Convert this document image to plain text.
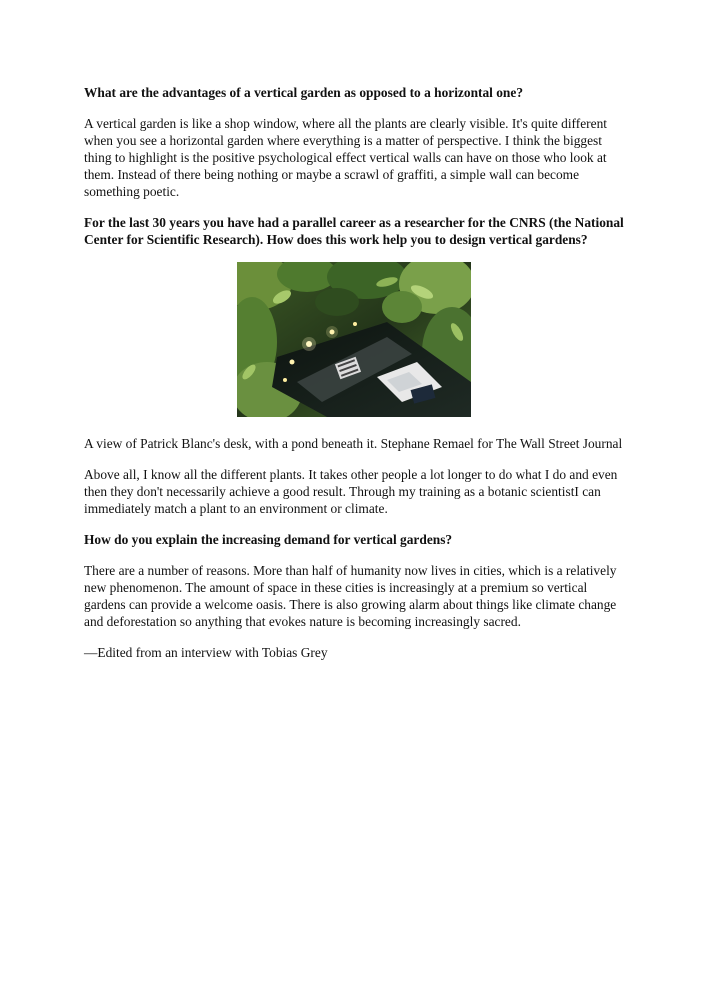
What are the advantages of a vertical garden as opposed to a horizontal one?

A vertical garden is like a shop window, where all the plants are clearly visible. It's quite different when you see a horizontal garden where everything is a matter of perspective. I think the biggest thing to highlight is the positive psychological effect vertical walls can have on those who look at them. Instead of there being nothing or maybe a scrawl of graffiti, a simple wall can become something poetic.

For the last 30 years you have had a parallel career as a researcher for the CNRS (the National Center for Scientific Research). How does this work help you to design vertical gardens?

A view of Patrick Blanc's desk, with a pond beneath it. Stephane Remael for The Wall Street Journal

Above all, I know all the different plants. It takes other people a lot longer to do what I do and even then they don't necessarily achieve a good result. Through my training as a botanic scientistI can immediately match a plant to an environment or climate.

How do you explain the increasing demand for vertical gardens?

There are a number of reasons. More than half of humanity now lives in cities, which is a relatively new phenomenon. The amount of space in these cities is increasingly at a premium so vertical gardens can provide a welcome oasis. There is also growing alarm about things like climate change and deforestation so anything that evokes nature is becoming increasingly sacred.

—Edited from an interview with Tobias Grey
